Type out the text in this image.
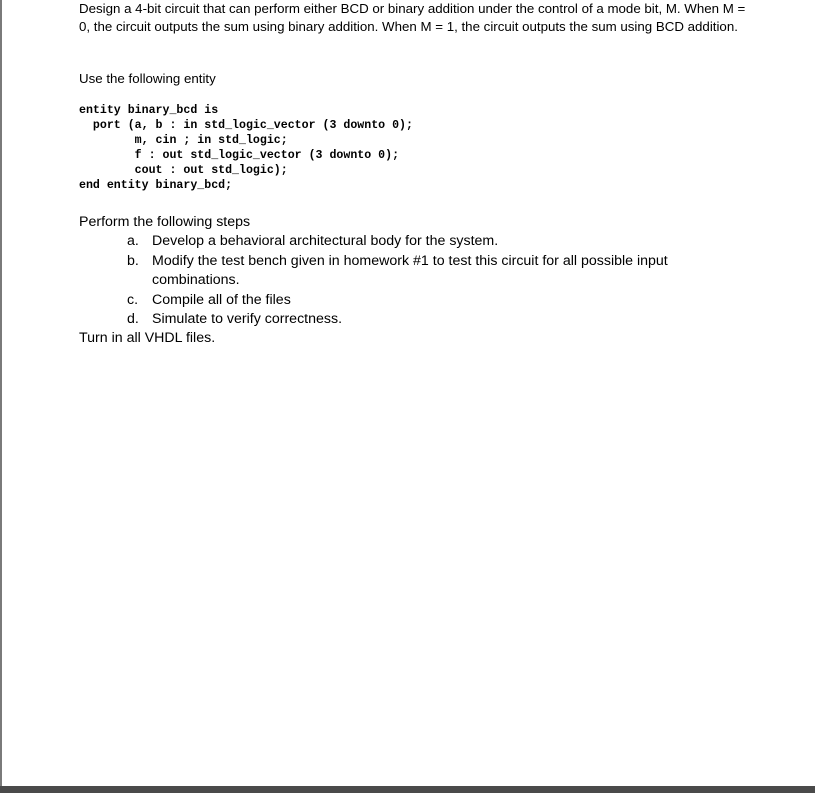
Design a 4-bit circuit that can perform either BCD or binary addition under the control of a mode bit, M. When M = 0, the circuit outputs the sum using binary addition. When M = 1, the circuit outputs the sum using BCD addition.

Use the following entity

entity binary_bcd is
port (a, b : in std_logic_vector (3 downto 0);
m, cin ; in std_logic;
f : out std_logic_vector (3 downto 0);
cout : out std_logic);
end entity binary_bcd;

Perform the following steps

a. Develop a behavioral architectural body for the system.
b. Modify the test bench given in homework #1 to test this circuit for all possible input combinations.
c. Compile all of the files
d. Simulate to verify correctness.

Turn in all VHDL files.
